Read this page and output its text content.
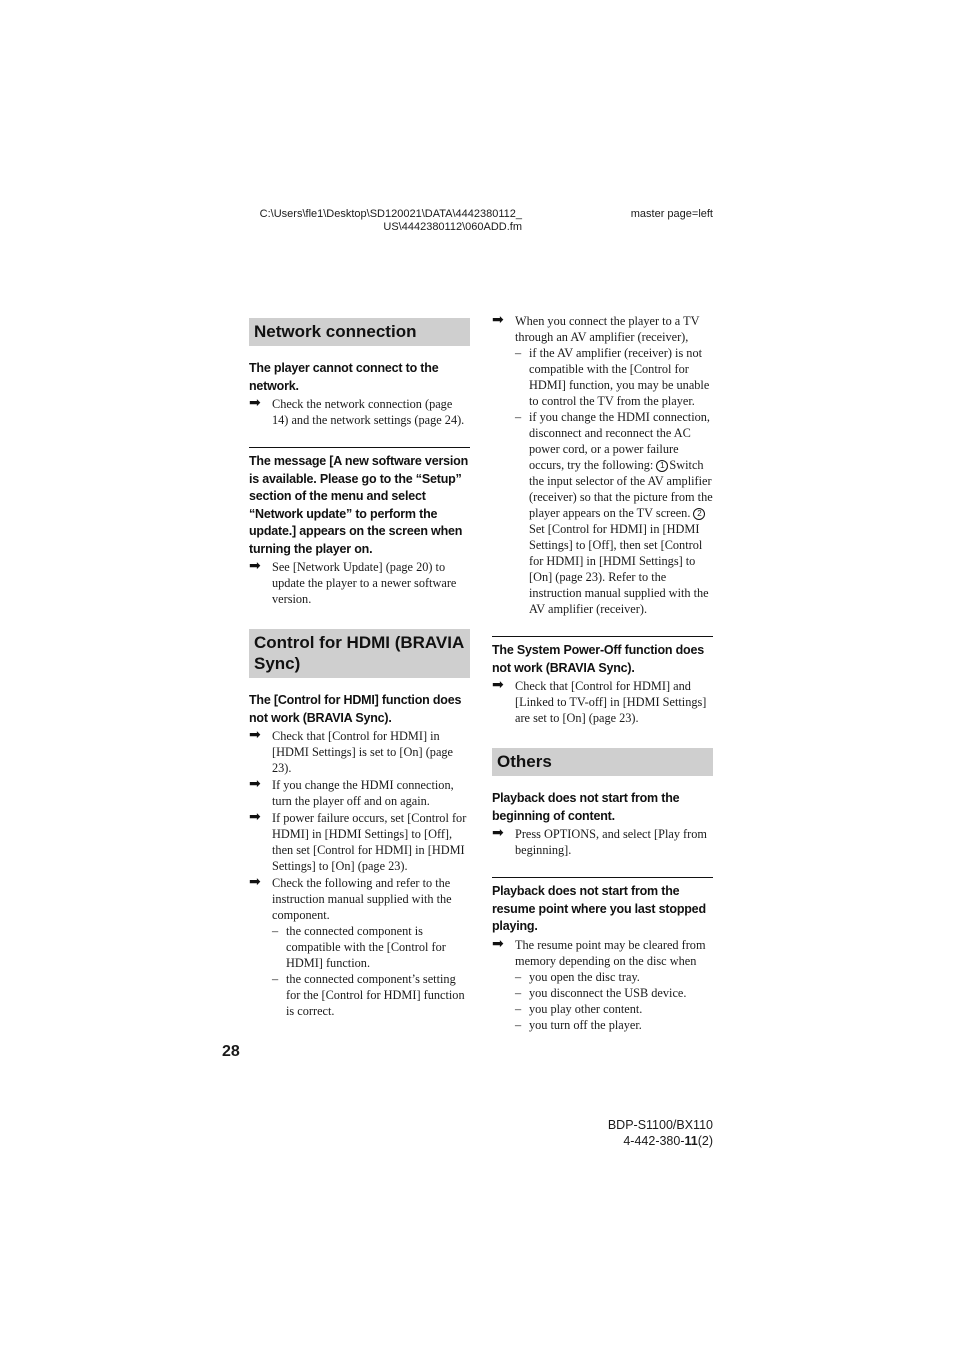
C:\Users\fle1\Desktop\SD120021\DATA\4442380112_
US\4442380112\060ADD.fm
master page=left
Network connection
The player cannot connect to the network.
➡ Check the network connection (page 14) and the network settings (page 24).
The message [A new software version is available. Please go to the “Setup” section of the menu and select “Network update” to perform the update.] appears on the screen when turning the player on.
➡ See [Network Update] (page 20) to update the player to a newer software version.
Control for HDMI (BRAVIA Sync)
The [Control for HDMI] function does not work (BRAVIA Sync).
➡ Check that [Control for HDMI] in [HDMI Settings] is set to [On] (page 23).
➡ If you change the HDMI connection, turn the player off and on again.
➡ If power failure occurs, set [Control for HDMI] in [HDMI Settings] to [Off], then set [Control for HDMI] in [HDMI Settings] to [On] (page 23).
➡ Check the following and refer to the instruction manual supplied with the component.
– the connected component is compatible with the [Control for HDMI] function.
– the connected component’s setting for the [Control for HDMI] function is correct.
➡ When you connect the player to a TV through an AV amplifier (receiver),
– if the AV amplifier (receiver) is not compatible with the [Control for HDMI] function, you may be unable to control the TV from the player.
– if you change the HDMI connection, disconnect and reconnect the AC power cord, or a power failure occurs, try the following: 1 Switch the input selector of the AV amplifier (receiver) so that the picture from the player appears on the TV screen. 2Set [Control for HDMI] in [HDMI Settings] to [Off], then set [Control for HDMI] in [HDMI Settings] to [On] (page 23). Refer to the instruction manual supplied with the AV amplifier (receiver).
The System Power-Off function does not work (BRAVIA Sync).
➡ Check that [Control for HDMI] and [Linked to TV-off] in [HDMI Settings] are set to [On] (page 23).
Others
Playback does not start from the beginning of content.
➡ Press OPTIONS, and select [Play from beginning].
Playback does not start from the resume point where you last stopped playing.
➡ The resume point may be cleared from memory depending on the disc when
– you open the disc tray.
– you disconnect the USB device.
– you play other content.
– you turn off the player.
28
BDP-S1100/BX110
4-442-380-11(2)
